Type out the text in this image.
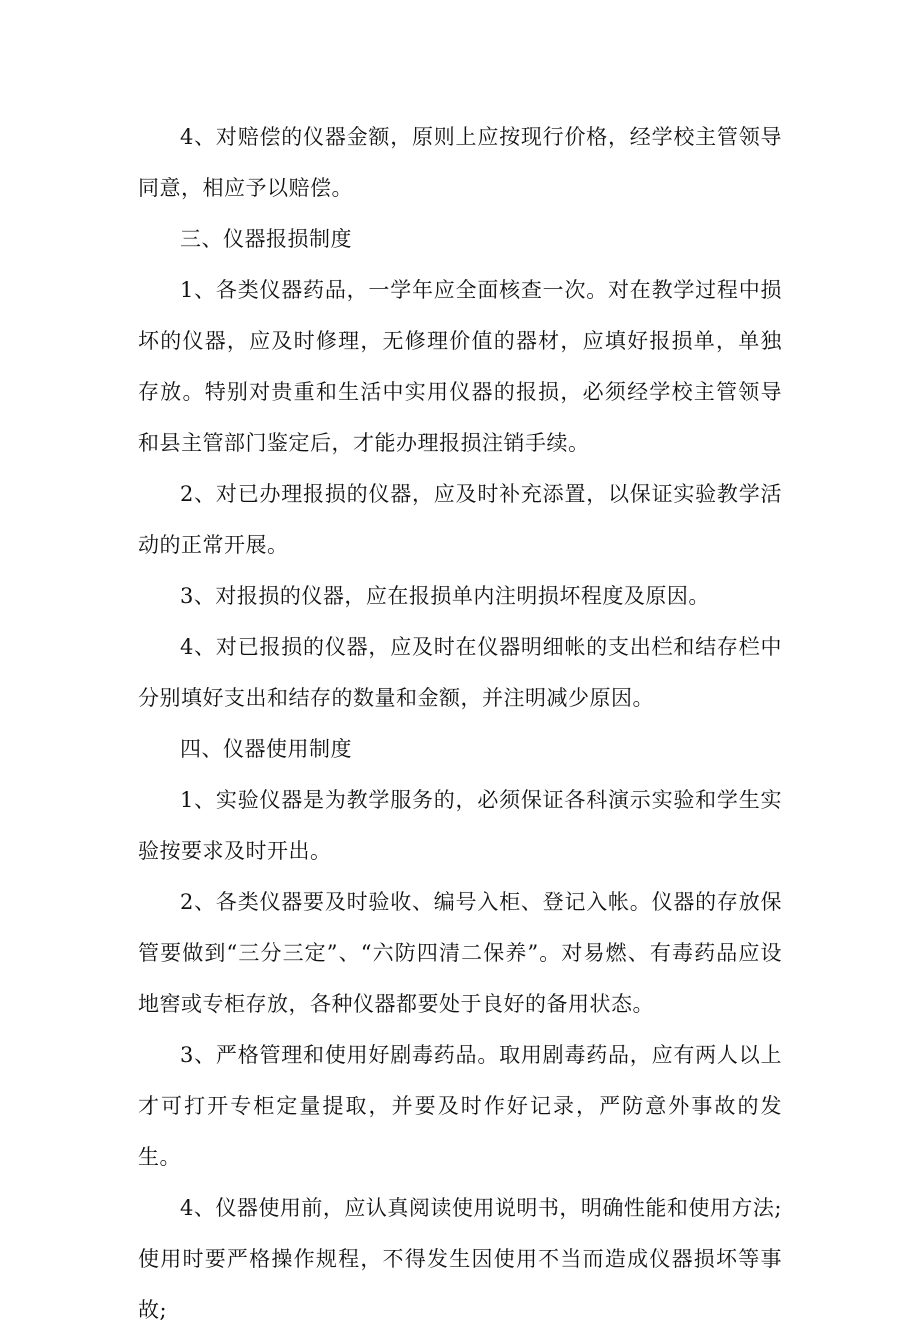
4、对赔偿的仪器金额，原则上应按现行价格，经学校主管领导同意，相应予以赔偿。

三、仪器报损制度

1、各类仪器药品，一学年应全面核查一次。对在教学过程中损坏的仪器，应及时修理，无修理价值的器材，应填好报损单，单独存放。特别对贵重和生活中实用仪器的报损，必须经学校主管领导和县主管部门鉴定后，才能办理报损注销手续。

2、对已办理报损的仪器，应及时补充添置，以保证实验教学活动的正常开展。

3、对报损的仪器，应在报损单内注明损坏程度及原因。

4、对已报损的仪器，应及时在仪器明细帐的支出栏和结存栏中分别填好支出和结存的数量和金额，并注明减少原因。

四、仪器使用制度

1、实验仪器是为教学服务的，必须保证各科演示实验和学生实验按要求及时开出。

2、各类仪器要及时验收、编号入柜、登记入帐。仪器的存放保管要做到“三分三定”、“六防四清二保养”。对易燃、有毒药品应设地窖或专柜存放，各种仪器都要处于良好的备用状态。

3、严格管理和使用好剧毒药品。取用剧毒药品，应有两人以上才可打开专柜定量提取，并要及时作好记录，严防意外事故的发生。

4、仪器使用前，应认真阅读使用说明书，明确性能和使用方法;使用时要严格操作规程，不得发生因使用不当而造成仪器损坏等事故;
